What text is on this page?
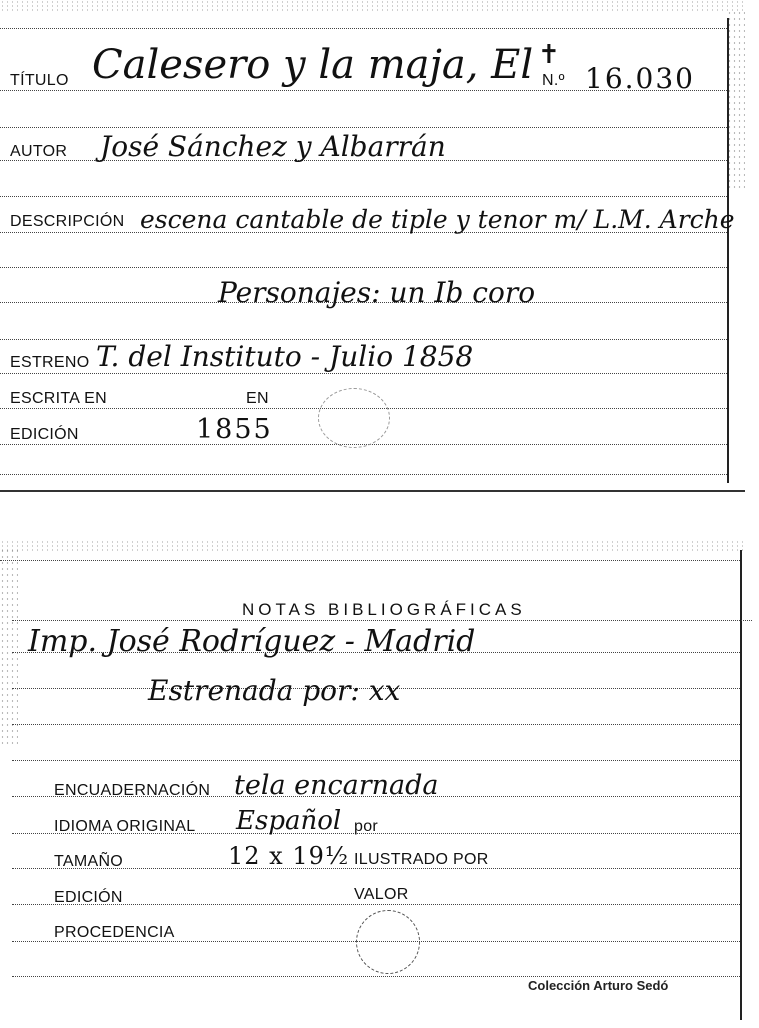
TÍTULO Calesero y la maja, El N.º 16.030
✝
AUTOR José Sánchez y Albarrán
DESCRIPCIÓN escena cantable de tiple y tenor m/ L.M. Arche
Personajes: un Ib coro
ESTRENO T. del Instituto - Julio 1858
ESCRITA EN	EN
EDICIÓN	1855
NOTAS BIBLIOGRÁFICAS
Imp. José Rodríguez - Madrid
Estrenada por: xx
ENCUADERNACIÓN tela encarnada
IDIOMA ORIGINAL Español por
TAMAÑO	12 x 19½ ILUSTRADO POR
EDICIÓN	VALOR
PROCEDENCIA
Colección Arturo Sedó
